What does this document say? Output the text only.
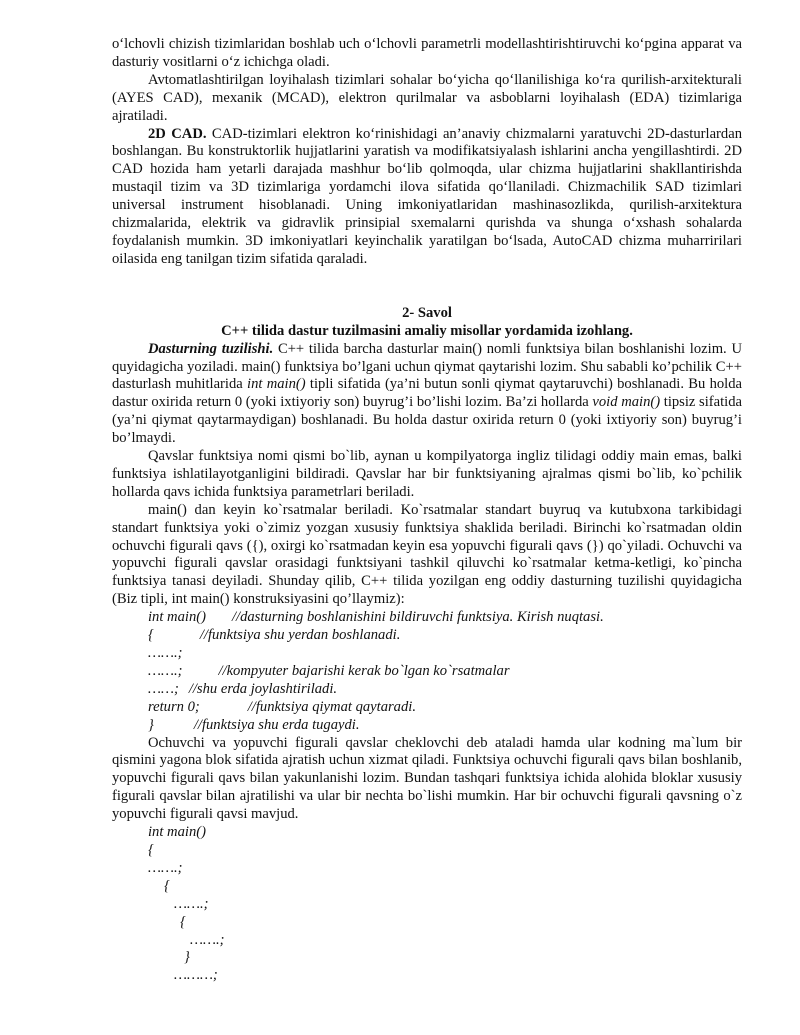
o‘lchovli chizish tizimlaridan boshlab uch o‘lchovli parametrli modellashtirishtiruvchi ko‘pgina apparat va dasturiy vositlarni o‘z ichichga oladi.

Avtomatlashtirilgan loyihalash tizimlari sohalar bo‘yicha qo‘llanilishiga ko‘ra qurilish-arxitekturali (AYES CAD), mexanik (MCAD), elektron qurilmalar va asboblarni loyihalash (EDA) tizimlariga ajratiladi.

2D CAD. CAD-tizimlari elektron ko‘rinishidagi an’anaviy chizmalarni yaratuvchi 2D-dasturlardan boshlangan. Bu konstruktorlik hujjatlarini yaratish va modifikatsiyalash ishlarini ancha yengillashtirdi. 2D CAD hozida ham yetarli darajada mashhur bo‘lib qolmoqda, ular chizma hujjatlarini shakllantirishda mustaqil tizim va 3D tizimlariga yordamchi ilova sifatida qo‘llaniladi. Chizmachilik SAD tizimlari universal instrument hisoblanadi. Uning imkoniyatlaridan mashinasozlikda, qurilish-arxitektura chizmalarida, elektrik va gidravlik prinsipial sxemalarni qurishda va shunga o‘xshash sohalarda foydalanish mumkin. 3D imkoniyatlari keyinchalik yaratilgan bo‘lsada, AutoCAD chizma muharririlari oilasida eng tanilgan tizim sifatida qaraladi.

2- Savol

C++ tilida dastur tuzilmasini amaliy misollar yordamida izohlang.

Dasturning tuzilishi. C++ tilida barcha dasturlar main() nomli funktsiya bilan boshlanishi lozim. U quyidagicha yoziladi. main() funktsiya bo’lgani uchun qiymat qaytarishi lozim. Shu sababli ko’pchilik C++ dasturlash muhitlarida int main() tipli sifatida (ya’ni butun sonli qiymat qaytaruvchi) boshlanadi. Bu holda dastur oxirida return 0 (yoki ixtiyoriy son) buyrug’i bo’lishi lozim. Ba’zi hollarda void main() tipsiz sifatida (ya’ni qiymat qaytarmaydigan) boshlanadi. Bu holda dastur oxirida return 0 (yoki ixtiyoriy son) buyrug’i bo’lmaydi.

Qavslar funktsiya nomi qismi bo`lib, aynan u kompilyatorga ingliz tilidagi oddiy main emas, balki funktsiya ishlatilayotganligini bildiradi. Qavslar har bir funktsiyaning ajralmas qismi bo`lib, ko`pchilik hollarda qavs ichida funktsiya parametrlari beriladi.

main() dan keyin ko`rsatmalar beriladi. Ko`rsatmalar standart buyruq va kutubxona tarkibidagi standart funktsiya yoki o`zimiz yozgan xususiy funktsiya shaklida beriladi. Birinchi ko`rsatmadan oldin ochuvchi figurali qavs ({), oxirgi ko`rsatmadan keyin esa yopuvchi figurali qavs (}) qo`yiladi. Ochuvchi va yopuvchi figurali qavslar orasidagi funktsiyani tashkil qiluvchi ko`rsatmalar ketma-ketligi, ko`pincha funktsiya tanasi deyiladi. Shunday qilib, C++ tilida yozilgan eng oddiy dasturning tuzilishi quyidagicha (Biz tipli, int main() konstruksiyasini qo’llaymiz):

int main() //dasturning boshlanishini bildiruvchi funktsiya. Kirish nuqtasi.
{	//funktsiya shu yerdan boshlanadi.
…….;
…….; //kompyuter bajarishi kerak bo`lgan ko`rsatmalar
……; //shu erda joylashtiriladi.
return 0;	//funktsiya qiymat qaytaradi.
}	//funktsiya shu erda tugaydi.

Ochuvchi va yopuvchi figurali qavslar cheklovchi deb ataladi hamda ular kodning ma`lum bir qismini yagona blok sifatida ajratish uchun xizmat qiladi. Funktsiya ochuvchi figurali qavs bilan boshlanib, yopuvchi figurali qavs bilan yakunlanishi lozim. Bundan tashqari funktsiya ichida alohida bloklar xususiy figurali qavslar bilan ajratilishi va ular bir nechta bo`lishi mumkin. Har bir ochuvchi figurali qavsning o`z yopuvchi figurali qavsi mavjud.

int main()
{
…….;
{
…….;
{
…….;
}
………;
